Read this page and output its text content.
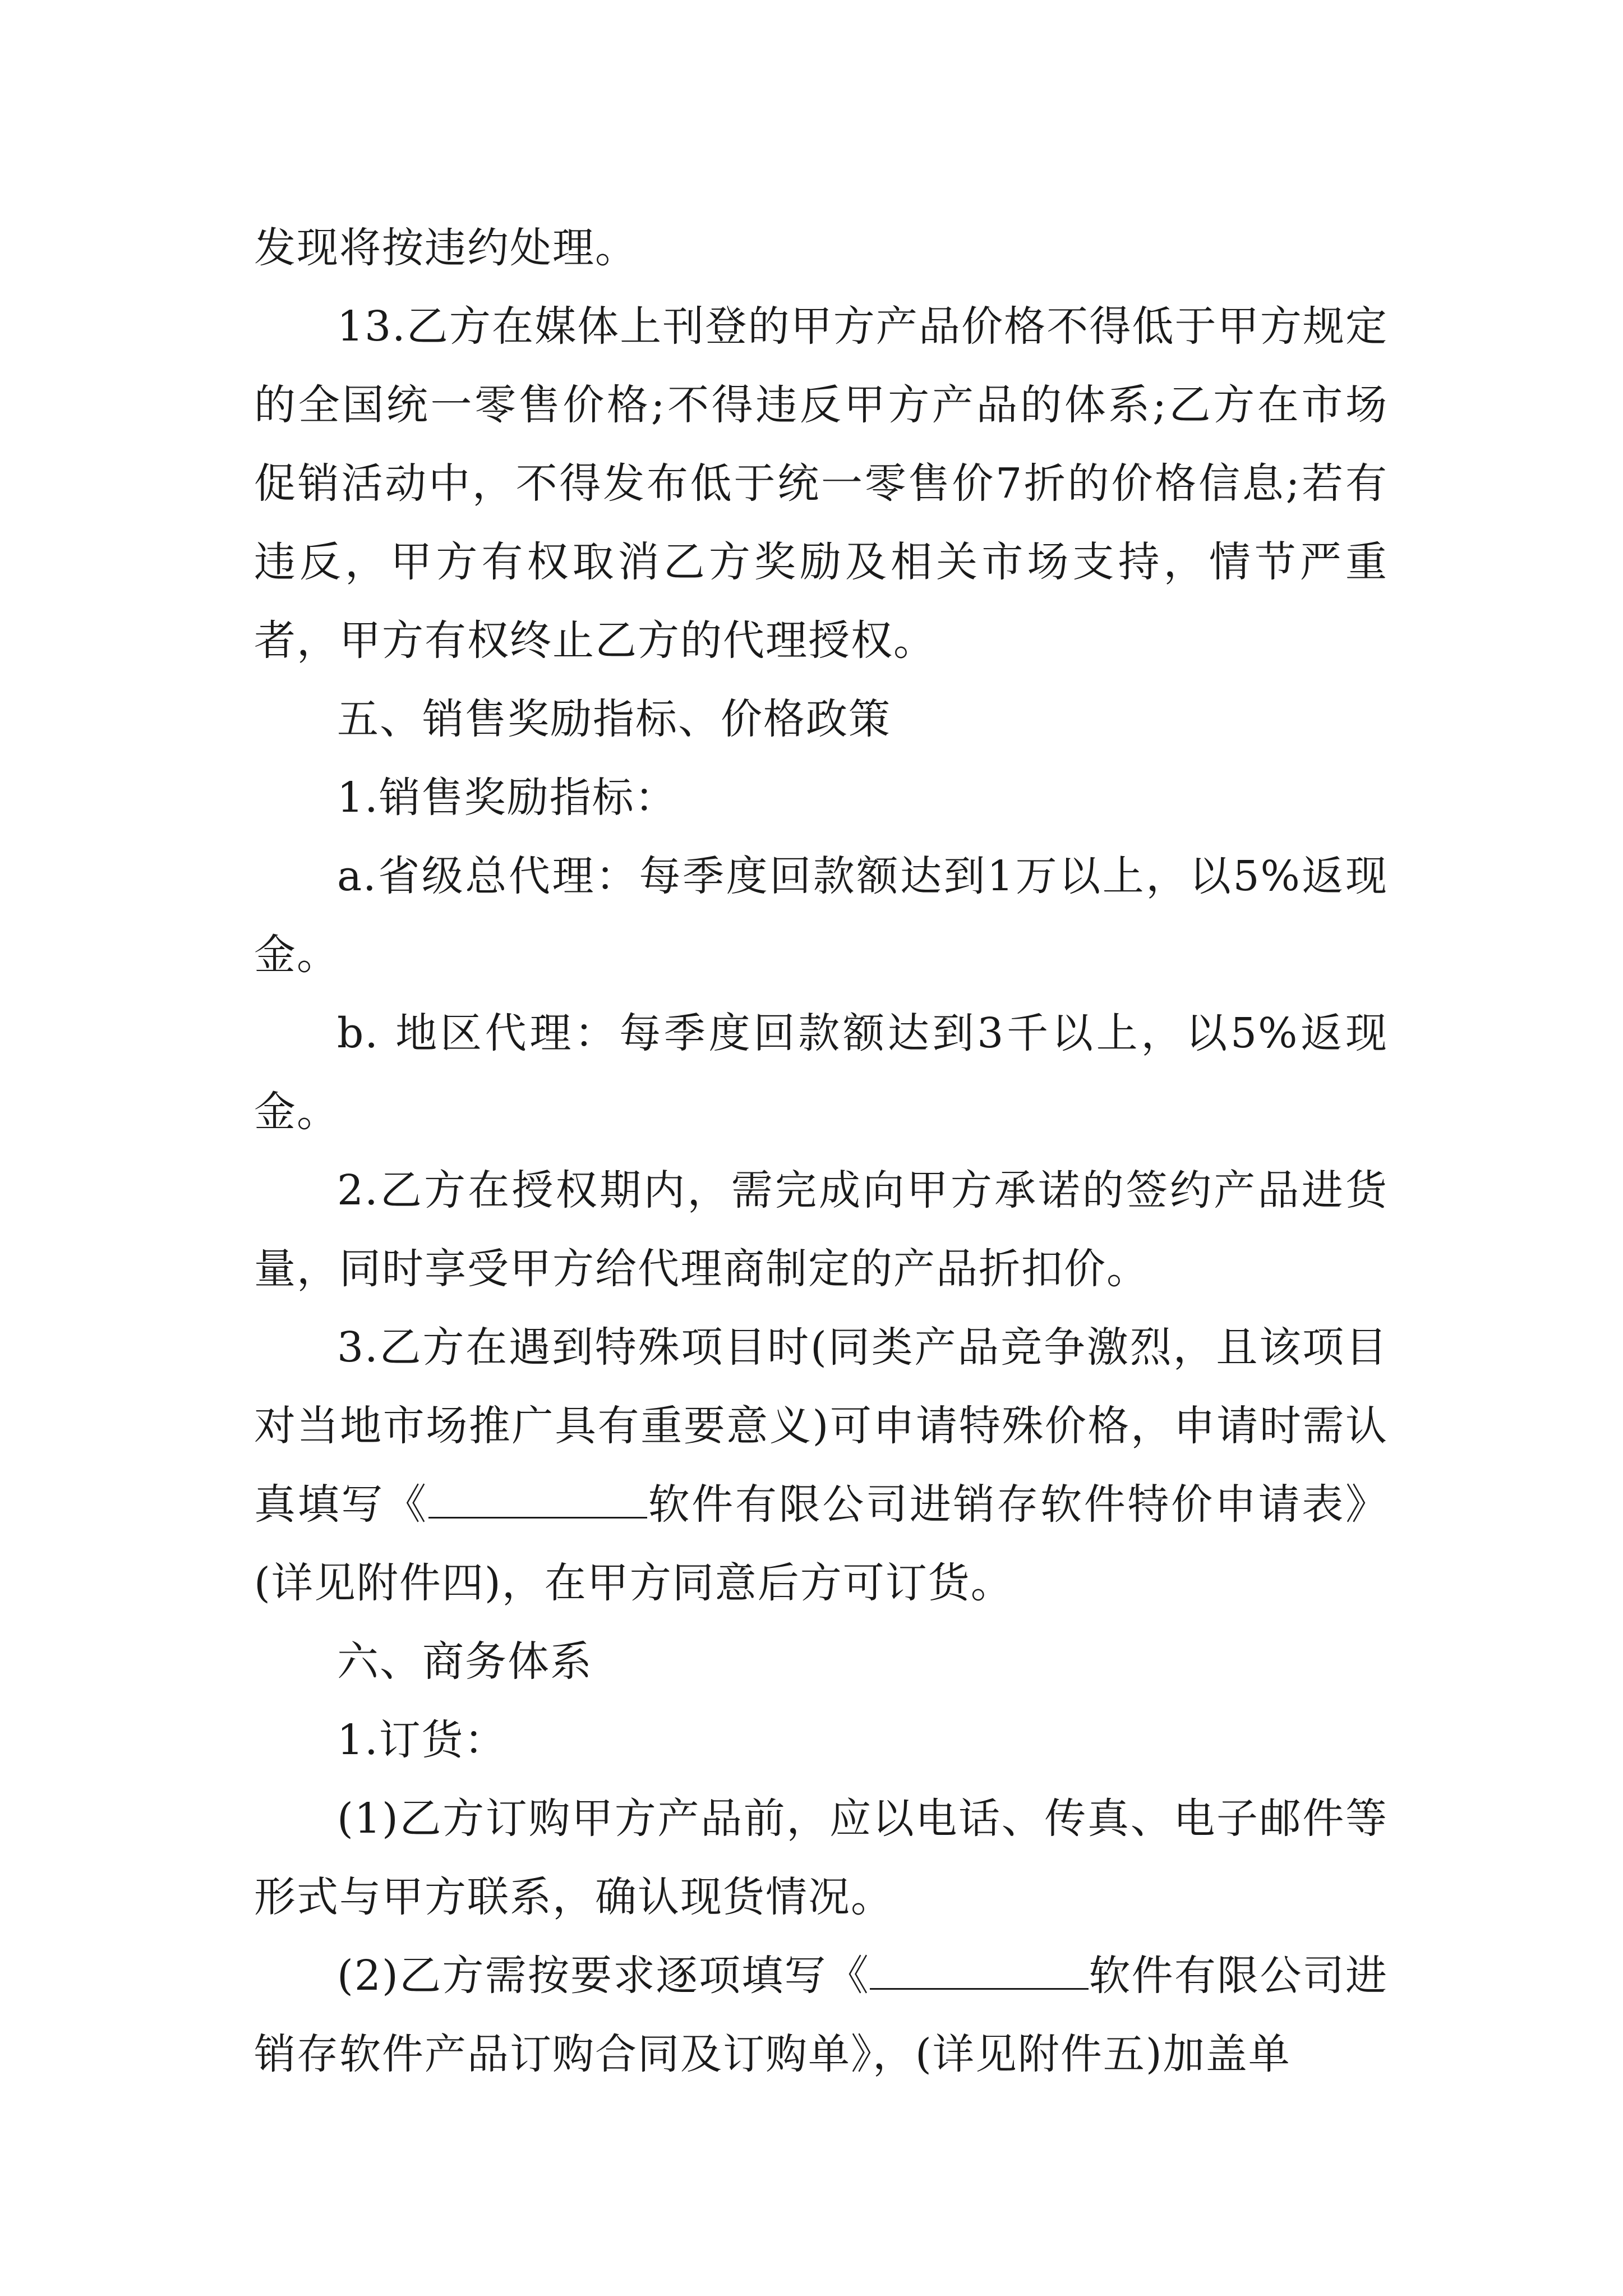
发现将按违约处理。

13.乙方在媒体上刊登的甲方产品价格不得低于甲方规定的全国统一零售价格;不得违反甲方产品的体系;乙方在市场促销活动中，不得发布低于统一零售价7折的价格信息;若有违反，甲方有权取消乙方奖励及相关市场支持，情节严重者，甲方有权终止乙方的代理授权。

五、销售奖励指标、价格政策

1.销售奖励指标：

a.省级总代理：每季度回款额达到1万以上，以5%返现金。

b. 地区代理：每季度回款额达到3千以上，以5%返现金。

2.乙方在授权期内，需完成向甲方承诺的签约产品进货量，同时享受甲方给代理商制定的产品折扣价。

3.乙方在遇到特殊项目时(同类产品竞争激烈，且该项目对当地市场推广具有重要意义)可申请特殊价格，申请时需认真填写《	软件有限公司进销存软件特价申请表》(详见附件四)，在甲方同意后方可订货。

六、商务体系

1.订货：

(1)乙方订购甲方产品前，应以电话、传真、电子邮件等形式与甲方联系，确认现货情况。

(2)乙方需按要求逐项填写《	软件有限公司进销存软件产品订购合同及订购单》，(详见附件五)加盖单
